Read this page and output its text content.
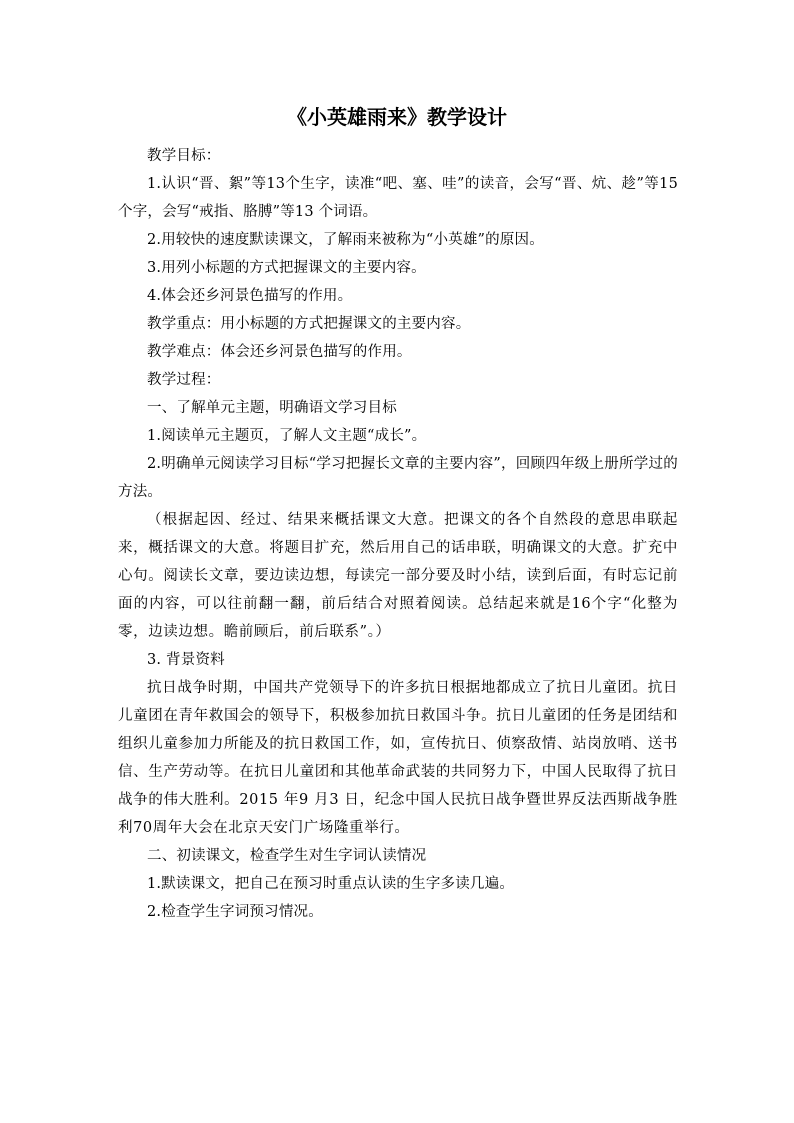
《小英雄雨来》教学设计

教学目标：

1.认识“晋、絮”等13个生字，读准“吧、塞、哇”的读音，会写“晋、炕、趁”等15 个字，会写“戒指、胳膊”等13 个词语。

2.用较快的速度默读课文，了解雨来被称为“小英雄”的原因。

3.用列小标题的方式把握课文的主要内容。

4.体会还乡河景色描写的作用。

教学重点：用小标题的方式把握课文的主要内容。

教学难点：体会还乡河景色描写的作用。

教学过程：

一、了解单元主题，明确语文学习目标

1.阅读单元主题页，了解人文主题“成长”。

2.明确单元阅读学习目标“学习把握长文章的主要内容”，回顾四年级上册所学过的方法。

（根据起因、经过、结果来概括课文大意。把课文的各个自然段的意思串联起来，概括课文的大意。将题目扩充，然后用自己的话串联，明确课文的大意。扩充中心句。阅读长文章，要边读边想，每读完一部分要及时小结，读到后面，有时忘记前面的内容，可以往前翻一翻，前后结合对照着阅读。总结起来就是16个字“化整为零，边读边想。瞻前顾后，前后联系”。）

3. 背景资料

抗日战争时期，中国共产党领导下的许多抗日根据地都成立了抗日儿童团。抗日儿童团在青年救国会的领导下，积极参加抗日救国斗争。抗日儿童团的任务是团结和组织儿童参加力所能及的抗日救国工作，如，宣传抗日、侦察敌情、站岗放哨、送书信、生产劳动等。在抗日儿童团和其他革命武装的共同努力下，中国人民取得了抗日战争的伟大胜利。2015 年9 月3 日，纪念中国人民抗日战争暨世界反法西斯战争胜利70周年大会在北京天安门广场隆重举行。

二、初读课文，检查学生对生字词认读情况

1.默读课文，把自己在预习时重点认读的生字多读几遍。

2.检查学生字词预习情况。
